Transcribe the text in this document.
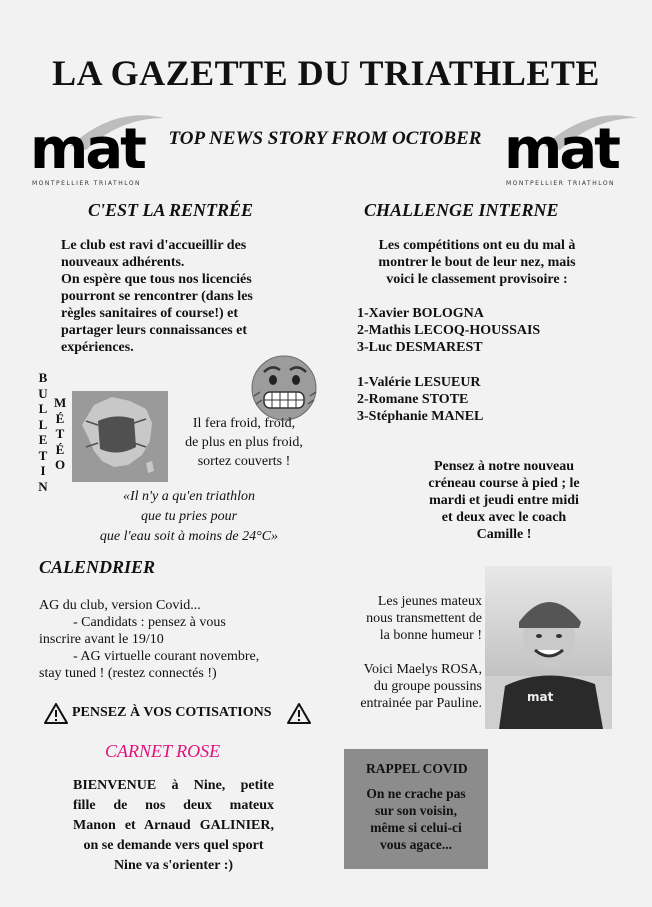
LA GAZETTE DU TRIATHLETE
mat
MONTPELLIER TRIATHLON
TOP NEWS STORY FROM OCTOBER mat
MONTPELLIER TRIATHLON
C'EST LA RENTRÉE
Le club est ravi d'accueillir des
nouveaux adhérents.
On espère que tous nos licenciés
pourront se rencontrer (dans les
règles sanitaires of course!) et
partager leurs connaissances et
expériences.
CHALLENGE INTERNE
Les compétitions ont eu du mal à
montrer le bout de leur nez, mais
voici le classement provisoire :
1-Xavier BOLOGNA
2-Mathis LECOQ-HOUSSAIS
3-Luc DESMAREST
1-Valérie LESUEUR
2-Romane STOTE
3-Stéphanie MANEL
B
U
L
L
E
T
I
N
M
É
T
É
O
Il fera froid, froid,
de plus en plus froid,
sortez couverts !
«Il n'y a qu'en triathlon
que tu pries pour
que l'eau soit à moins de 24°C»
Pensez à notre nouveau
créneau course à pied ; le
mardi et jeudi entre midi
et deux avec le coach
Camille !
CALENDRIER
AG du club, version Covid...
- Candidats : pensez à vous
inscrire avant le 19/10
- AG virtuelle courant novembre,
stay tuned ! (restez connectés !)
PENSEZ À VOS COTISATIONS
Les jeunes mateux
nous transmettent de
la bonne humeur !
Voici Maelys ROSA,
du groupe poussins
entrainée par Pauline.	mat
CARNET ROSE
BIENVENUE à Nine, petite
fille de nos deux mateux
Manon et Arnaud GALINIER,
on se demande vers quel sport
Nine va s'orienter :)
RAPPEL COVID
On ne crache pas
sur son voisin,
même si celui-ci
vous agace...
